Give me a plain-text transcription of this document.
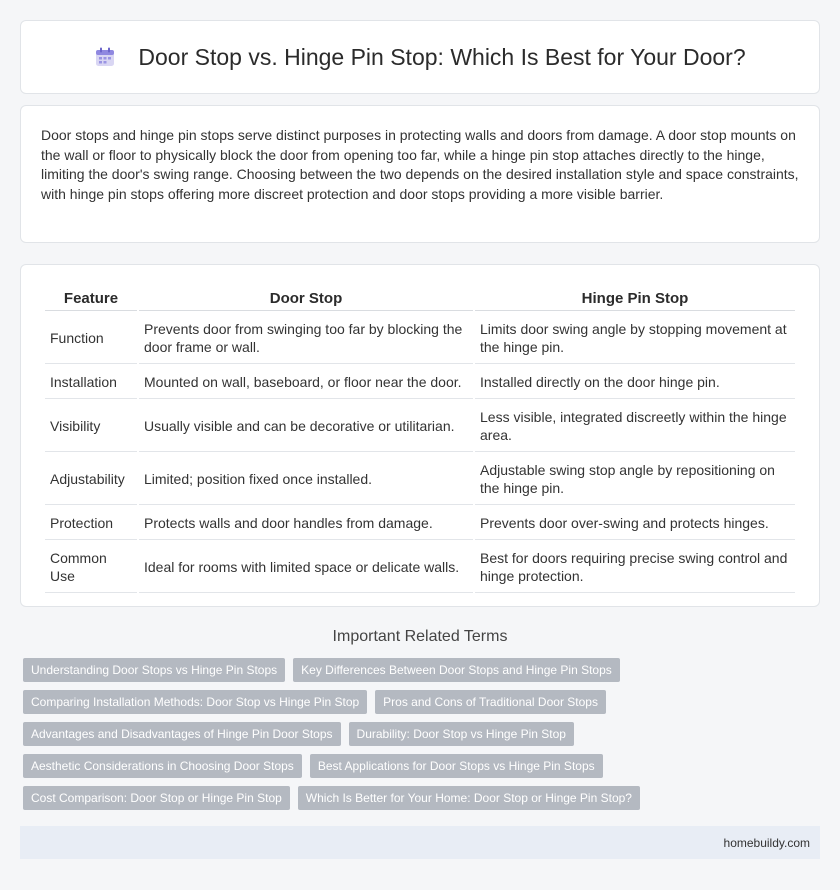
Door Stop vs. Hinge Pin Stop: Which Is Best for Your Door?

Door stops and hinge pin stops serve distinct purposes in protecting walls and doors from damage. A door stop mounts on the wall or floor to physically block the door from opening too far, while a hinge pin stop attaches directly to the hinge, limiting the door's swing range. Choosing between the two depends on the desired installation style and space constraints, with hinge pin stops offering more discreet protection and door stops providing a more visible barrier.

Feature	Door Stop	Hinge Pin Stop
Function	Prevents door from swinging too far by blocking the door frame or wall.	Limits door swing angle by stopping movement at the hinge pin.
Installation	Mounted on wall, baseboard, or floor near the door.	Installed directly on the door hinge pin.
Visibility	Usually visible and can be decorative or utilitarian.	Less visible, integrated discreetly within the hinge area.
Adjustability	Limited; position fixed once installed.	Adjustable swing stop angle by repositioning on the hinge pin.
Protection	Protects walls and door handles from damage.	Prevents door over-swing and protects hinges.
Common Use	Ideal for rooms with limited space or delicate walls.	Best for doors requiring precise swing control and hinge protection.
Important Related Terms
Understanding Door Stops vs Hinge Pin Stops	Key Differences Between Door Stops and Hinge Pin Stops
Comparing Installation Methods: Door Stop vs Hinge Pin Stop	Pros and Cons of Traditional Door Stops
Advantages and Disadvantages of Hinge Pin Door Stops	Durability: Door Stop vs Hinge Pin Stop
Aesthetic Considerations in Choosing Door Stops	Best Applications for Door Stops vs Hinge Pin Stops
Cost Comparison: Door Stop or Hinge Pin Stop	Which Is Better for Your Home: Door Stop or Hinge Pin Stop?
homebuildy.com
